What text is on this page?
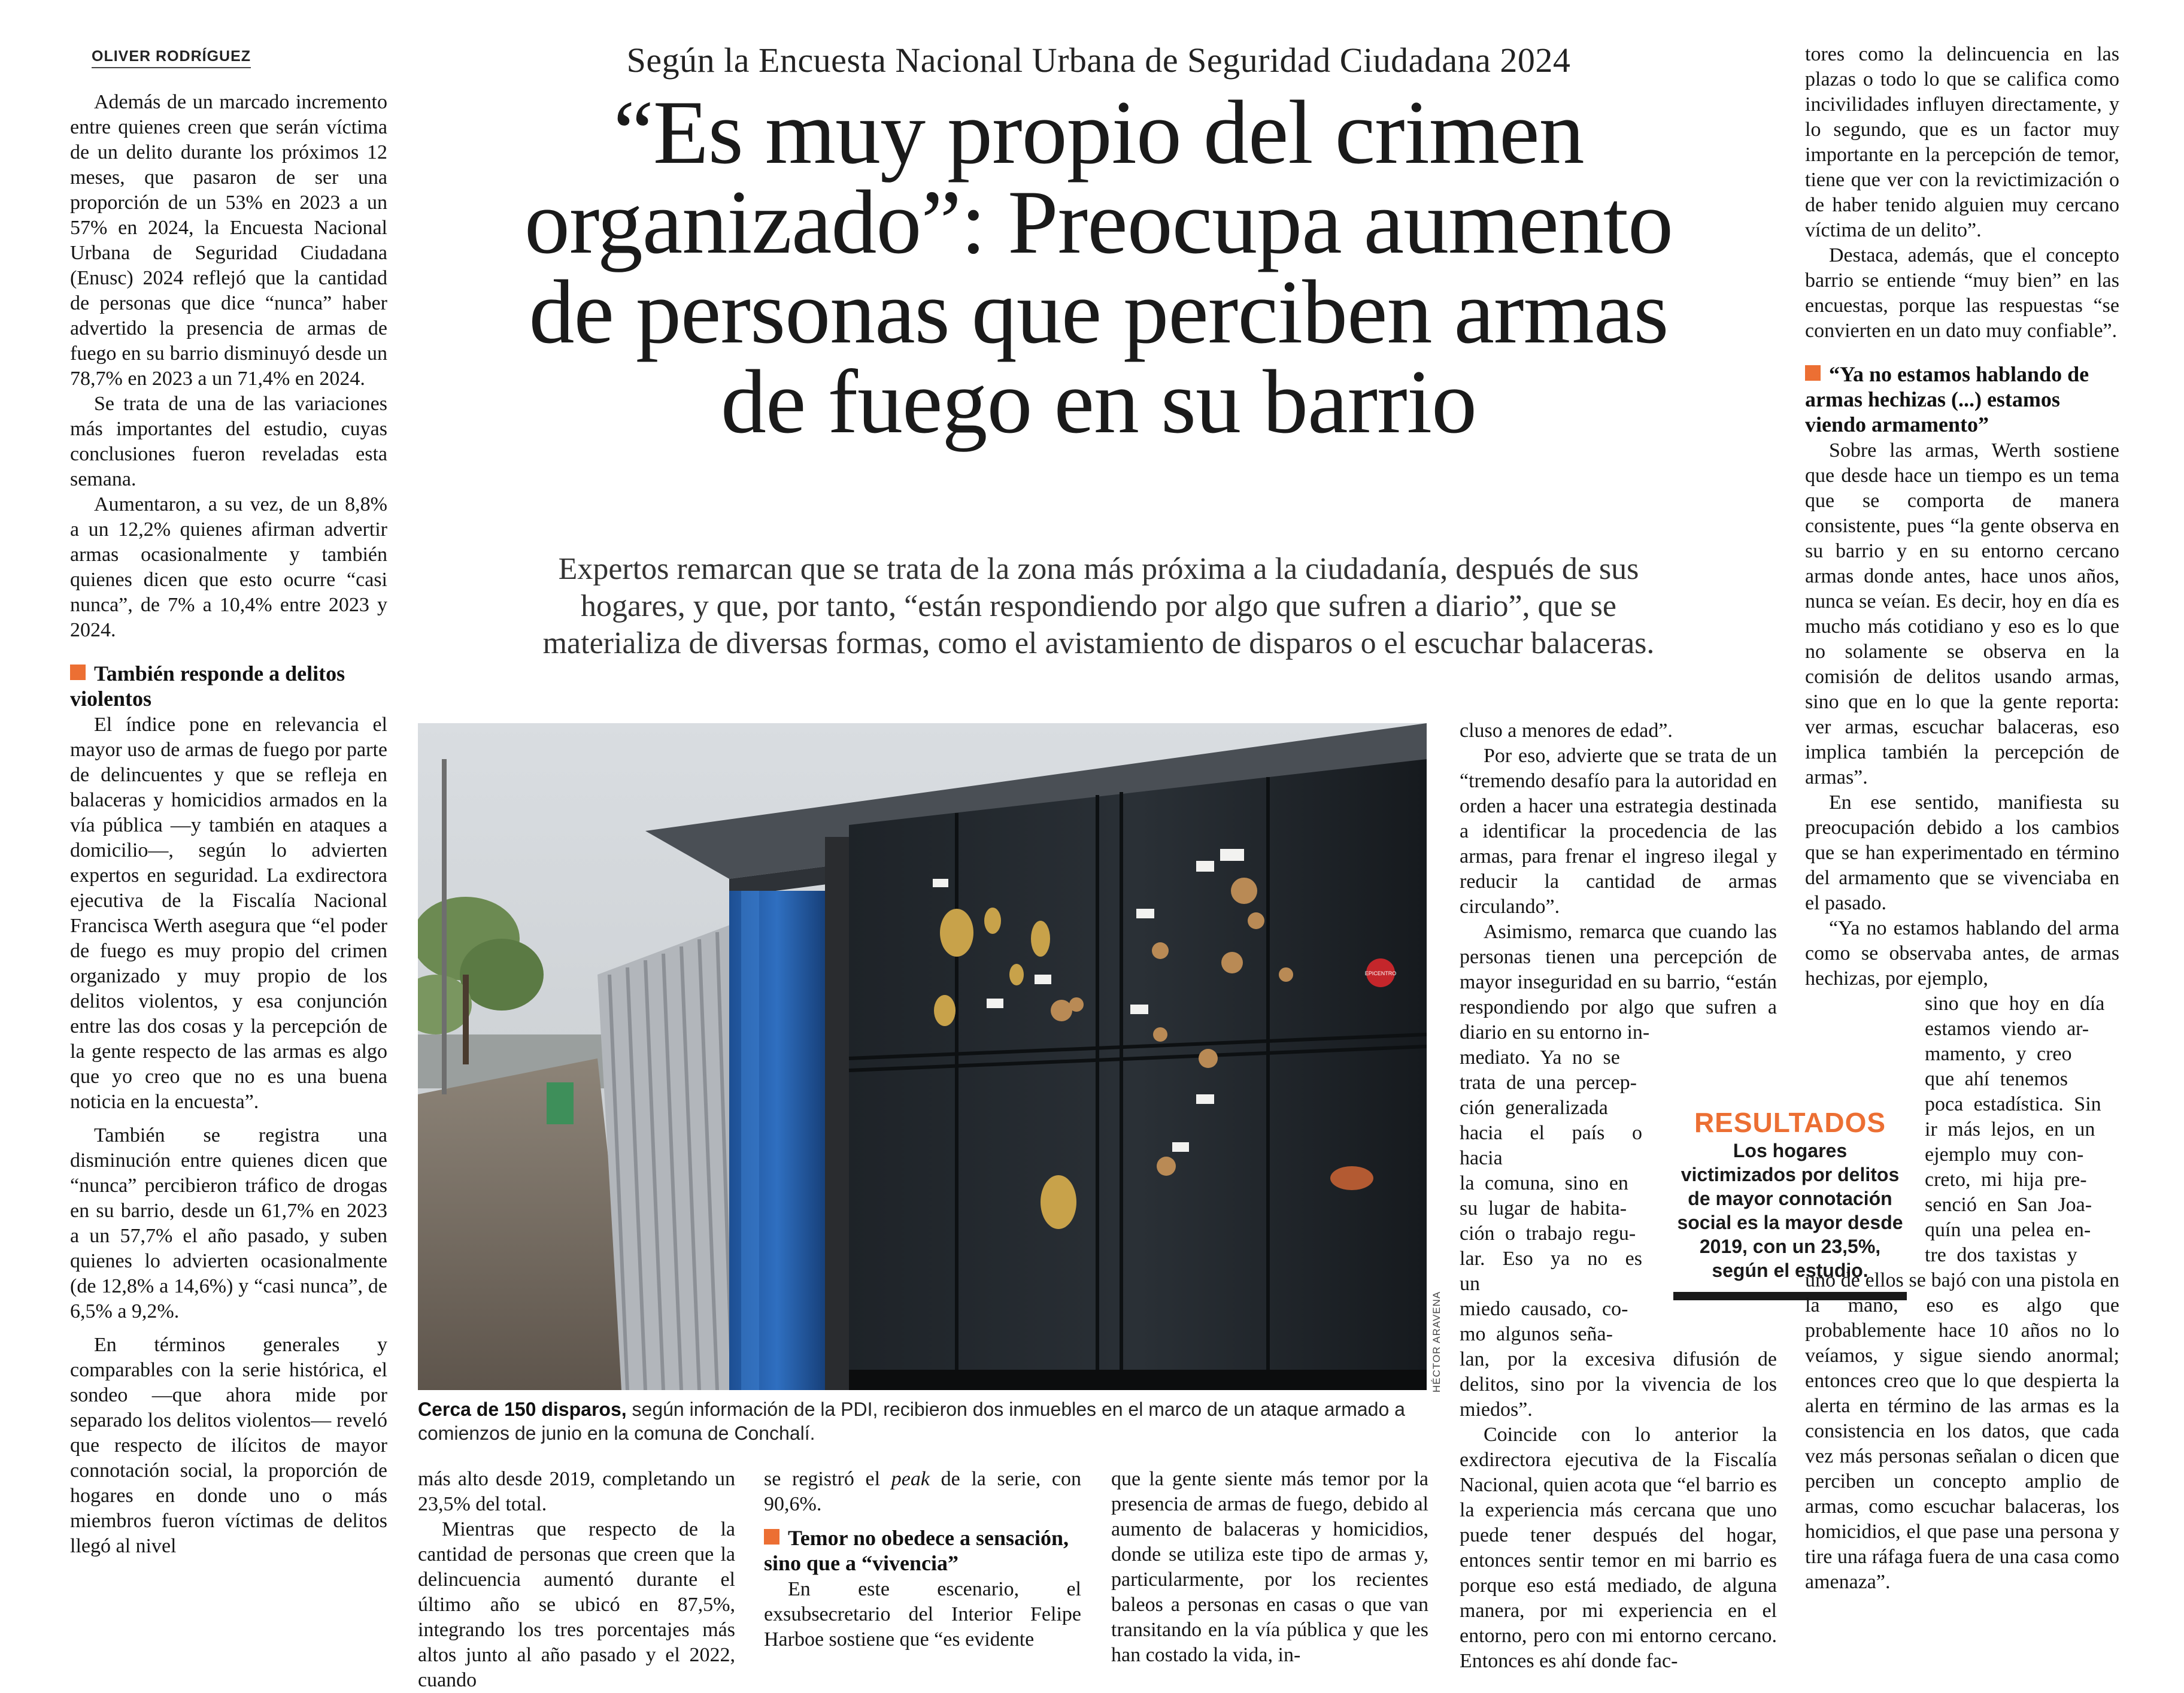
OLIVER RODRÍGUEZ	Según la Encuesta Nacional Urbana de Seguridad Ciudadana 2024
“Es muy propio del crimen
organizado”: Preocupa aumento
de personas que perciben armas
de fuego en su barrio
Expertos remarcan que se trata de la zona más próxima a la ciudadanía, después de sus
hogares, y que, por tanto, “están respondiendo por algo que sufren a diario”, que se
materializa de diversas formas, como el avistamiento de disparos o el escuchar balaceras.
EPICENTRO
HÉCTOR ARAVENA
Cerca de 150 disparos, según información de la PDI, recibieron dos inmuebles en el marco de un ataque armado a comienzos de junio en la comuna de Conchalí.

Además de un marcado incremento entre quienes creen que serán víctima de un delito durante los próximos 12 meses, que pasaron de ser una proporción de un 53% en 2023 a un 57% en 2024, la Encuesta Nacional Urbana de Seguridad Ciudadana (Enusc) 2024 reflejó que la cantidad de personas que dice “nunca” haber advertido la presencia de armas de fuego en su barrio disminuyó desde un 78,7% en 2023 a un 71,4% en 2024.

Se trata de una de las variaciones más importantes del estudio, cuyas conclusiones fueron reveladas esta semana.

Aumentaron, a su vez, de un 8,8% a un 12,2% quienes afirman advertir armas ocasionalmente y también quienes dicen que esto ocurre “casi nunca”, de 7% a 10,4% entre 2023 y 2024.

También responde a delitos violentos

El índice pone en relevancia el mayor uso de armas de fuego por parte de delincuentes y que se refleja en balaceras y homicidios armados en la vía pública —y también en ataques a domicilio—, según lo advierten expertos en seguridad. La exdirectora ejecutiva de la Fiscalía Nacional Francisca Werth asegura que “el poder de fuego es muy propio del crimen organizado y muy propio de los delitos violentos, y esa conjunción entre las dos cosas y la percepción de la gente respecto de las armas es algo que yo creo que no es una buena noticia en la encuesta”.

También se registra una disminución entre quienes dicen que “nunca” percibieron tráfico de drogas en su barrio, desde un 61,7% en 2023 a un 57,7% el año pasado, y suben quienes lo advierten ocasionalmente (de 12,8% a 14,6%) y “casi nunca”, de 6,5% a 9,2%.

En términos generales y comparables con la serie histórica, el sondeo —que ahora mide por separado los delitos violentos— reveló que respecto de ilícitos de mayor connotación social, la proporción de hogares en donde uno o más miembros fueron víctimas de delitos llegó al nivel

más alto desde 2019, completando un 23,5% del total.

Mientras que respecto de la cantidad de personas que creen que la delincuencia aumentó durante el último año se ubicó en 87,5%, integrando los tres porcentajes más altos junto al año pasado y el 2022, cuando

se registró el peak de la serie, con 90,6%.

Temor no obedece a sensación, sino que a “vivencia”

En este escenario, el exsubsecretario del Interior Felipe Harboe sostiene que “es evidente

que la gente siente más temor por la presencia de armas de fuego, debido al aumento de balaceras y homicidios, donde se utiliza este tipo de armas y, particularmente, por los recientes baleos a personas en casas o que van transitando en la vía pública y que les han costado la vida, in-

cluso a menores de edad”.

Por eso, advierte que se trata de un “tremendo desafío para la autoridad en orden a hacer una estrategia destinada a identificar la procedencia de las armas, para frenar el ingreso ilegal y reducir la cantidad de armas circulando”.

Asimismo, remarca que cuando las personas tienen una percepción de mayor inseguridad en su barrio, “están respondiendo por algo que sufren a diario en su entorno in-

mediato. Ya no se

trata de una percep-

ción generalizada

hacia el país o hacia

la comuna, sino en

su lugar de habita-

ción o trabajo regu-

lar. Eso ya no es un

miedo causado, co-

mo algunos seña-

lan, por la excesiva difusión de delitos, sino por la vivencia de los miedos”.

Coincide con lo anterior la exdirectora ejecutiva de la Fiscalía Nacional, quien acota que “el barrio es la experiencia más cercana que uno puede tener después del hogar, entonces sentir temor en mi barrio es porque eso está mediado, de alguna manera, por mi experiencia en el entorno, pero con mi entorno cercano. Entonces es ahí donde fac-

RESULTADOS
Los hogares
victimizados por delitos
de mayor connotación
social es la mayor desde
2019, con un 23,5%,
según el estudio.

tores como la delincuencia en las plazas o todo lo que se califica como incivilidades influyen directamente, y lo segundo, que es un factor muy importante en la percepción de temor, tiene que ver con la revictimización o de haber tenido alguien muy cercano víctima de un delito”.

Destaca, además, que el concepto barrio se entiende “muy bien” en las encuestas, porque las respuestas “se convierten en un dato muy confiable”.

“Ya no estamos hablando de armas hechizas (...) estamos viendo armamento”

Sobre las armas, Werth sostiene que desde hace un tiempo es un tema que se comporta de manera consistente, pues “la gente observa en su barrio y en su entorno cercano armas donde antes, hace unos años, nunca se veían. Es decir, hoy en día es mucho más cotidiano y eso es lo que no solamente se observa en la comisión de delitos usando armas, sino que en lo que la gente reporta: ver armas, escuchar balaceras, eso implica también la percepción de armas”.

En ese sentido, manifiesta su preocupación debido a los cambios que se han experimentado en término del armamento que se vivenciaba en el pasado.

“Ya no estamos hablando del arma como se observaba antes, de armas hechizas, por ejemplo,

sino que hoy en día

estamos viendo ar-

mamento, y creo

que ahí tenemos

poca estadística. Sin

ir más lejos, en un

ejemplo muy con-

creto, mi hija pre-

senció en San Joa-

quín una pelea en-

tre dos taxistas y

uno de ellos se bajó con una pistola en la mano, eso es algo que probablemente hace 10 años no lo veíamos, y sigue siendo anormal; entonces creo que lo que despierta la alerta en término de las armas es la consistencia en los datos, que cada vez más personas señalan o dicen que perciben un concepto amplio de armas, como escuchar balaceras, los homicidios, el que pase una persona y tire una ráfaga fuera de una casa como amenaza”.
